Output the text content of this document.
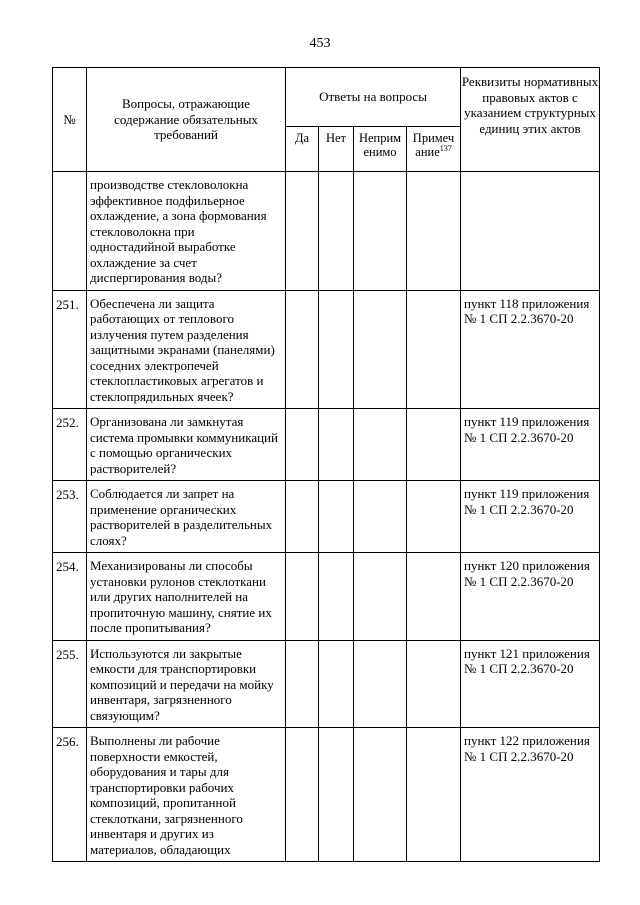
453
№	Вопросы, отражающие содержание обязательных требований	Ответы на вопросы				Реквизиты нормативных правовых актов с указанием структурных единиц этих актов
		Да	Нет	Неприм енимо	Примеч ание$^{137}$
	производстве стекловолокна эффективное подфильерное охлаждение, а зона формования стекловолокна при одностадийной выработке охлаждение за счет диспергирования воды?					
251.	Обеспечена ли защита работающих от теплового излучения путем разделения защитными экранами (панелями) соседних электропечей стеклопластиковых агрегатов и стеклопрядильных ячеек?					пункт 118 приложения № 1 СП 2.2.3670-20
252.	Организована ли замкнутая система промывки коммуникаций с помощью органических растворителей?					пункт 119 приложения № 1 СП 2.2.3670-20
253.	Соблюдается ли запрет на применение органических растворителей в разделительных слоях?					пункт 119 приложения № 1 СП 2.2.3670-20
254.	Механизированы ли способы установки рулонов стеклоткани или других наполнителей на пропиточную машину, снятие их после пропитывания?					пункт 120 приложения № 1 СП 2.2.3670-20
255.	Используются ли закрытые емкости для транспортировки композиций и передачи на мойку инвентаря, загрязненного связующим?					пункт 121 приложения № 1 СП 2.2.3670-20
256.	Выполнены ли рабочие поверхности емкостей, оборудования и тары для транспортировки рабочих композиций, пропитанной стеклоткани, загрязненного инвентаря и других из материалов, обладающих					пункт 122 приложения № 1 СП 2.2.3670-20
